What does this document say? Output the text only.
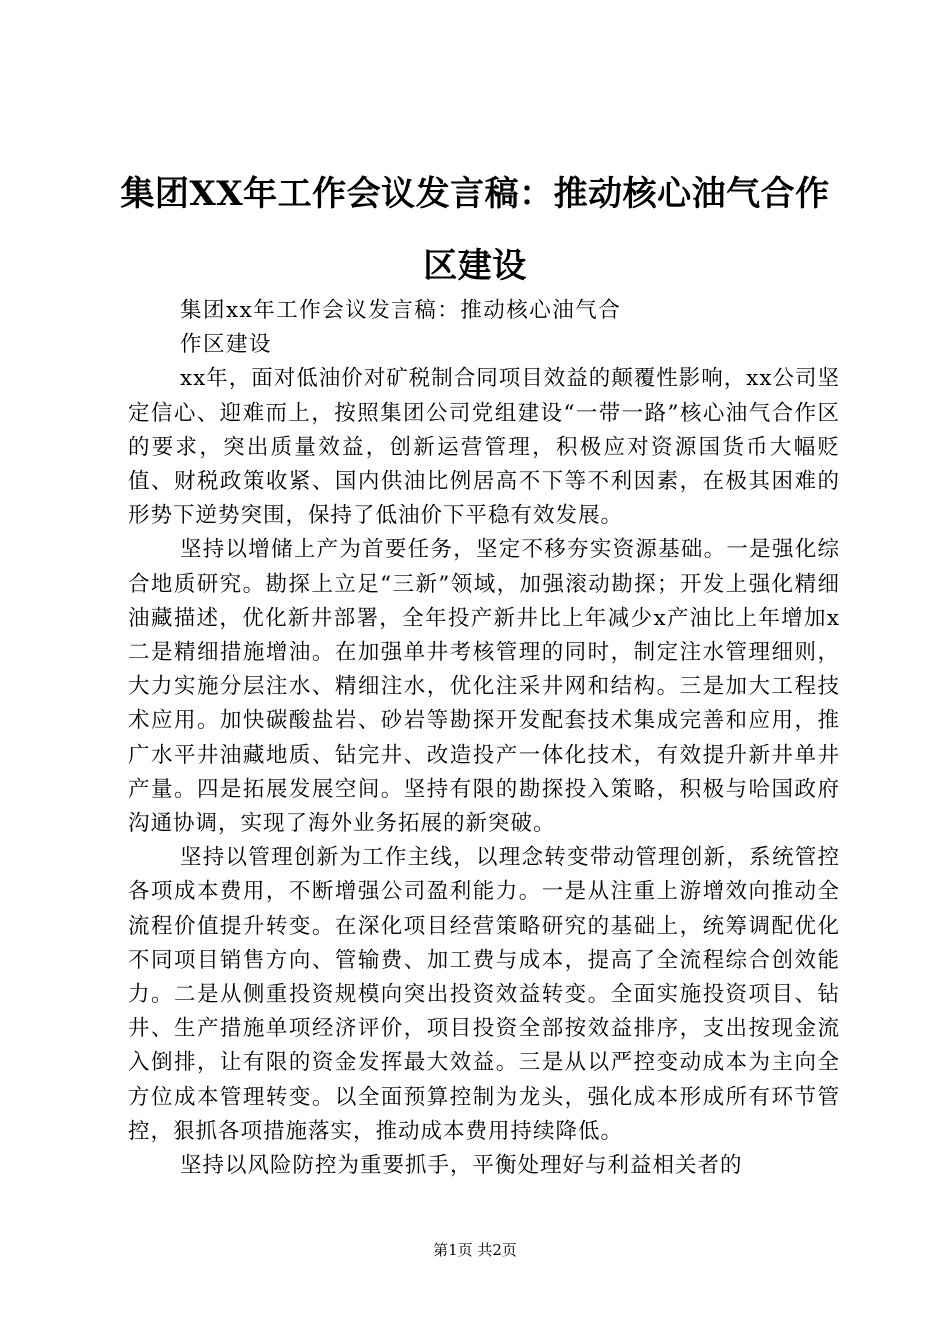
集团XX年工作会议发言稿：推动核心油气合作区建设

集团xx年工作会议发言稿：推动核心油气合作区建设

xx年，面对低油价对矿税制合同项目效益的颠覆性影响，xx公司坚定信心、迎难而上，按照集团公司党组建设“一带一路”核心油气合作区的要求，突出质量效益，创新运营管理，积极应对资源国货币大幅贬值、财税政策收紧、国内供油比例居高不下等不利因素，在极其困难的形势下逆势突围，保持了低油价下平稳有效发展。

坚持以增储上产为首要任务，坚定不移夯实资源基础。一是强化综合地质研究。勘探上立足“三新”领域，加强滚动勘探；开发上强化精细油藏描述，优化新井部署，全年投产新井比上年减少x产油比上年增加x二是精细措施增油。在加强单井考核管理的同时，制定注水管理细则，大力实施分层注水、精细注水，优化注采井网和结构。三是加大工程技术应用。加快碳酸盐岩、砂岩等勘探开发配套技术集成完善和应用，推广水平井油藏地质、钻完井、改造投产一体化技术，有效提升新井单井产量。四是拓展发展空间。坚持有限的勘探投入策略，积极与哈国政府沟通协调，实现了海外业务拓展的新突破。

坚持以管理创新为工作主线，以理念转变带动管理创新，系统管控各项成本费用，不断增强公司盈利能力。一是从注重上游增效向推动全流程价值提升转变。在深化项目经营策略研究的基础上，统筹调配优化不同项目销售方向、管输费、加工费与成本，提高了全流程综合创效能力。二是从侧重投资规模向突出投资效益转变。全面实施投资项目、钻井、生产措施单项经济评价，项目投资全部按效益排序，支出按现金流入倒排，让有限的资金发挥最大效益。三是从以严控变动成本为主向全方位成本管理转变。以全面预算控制为龙头，强化成本形成所有环节管控，狠抓各项措施落实，推动成本费用持续降低。

坚持以风险防控为重要抓手，平衡处理好与利益相关者的

第1页 共2页
